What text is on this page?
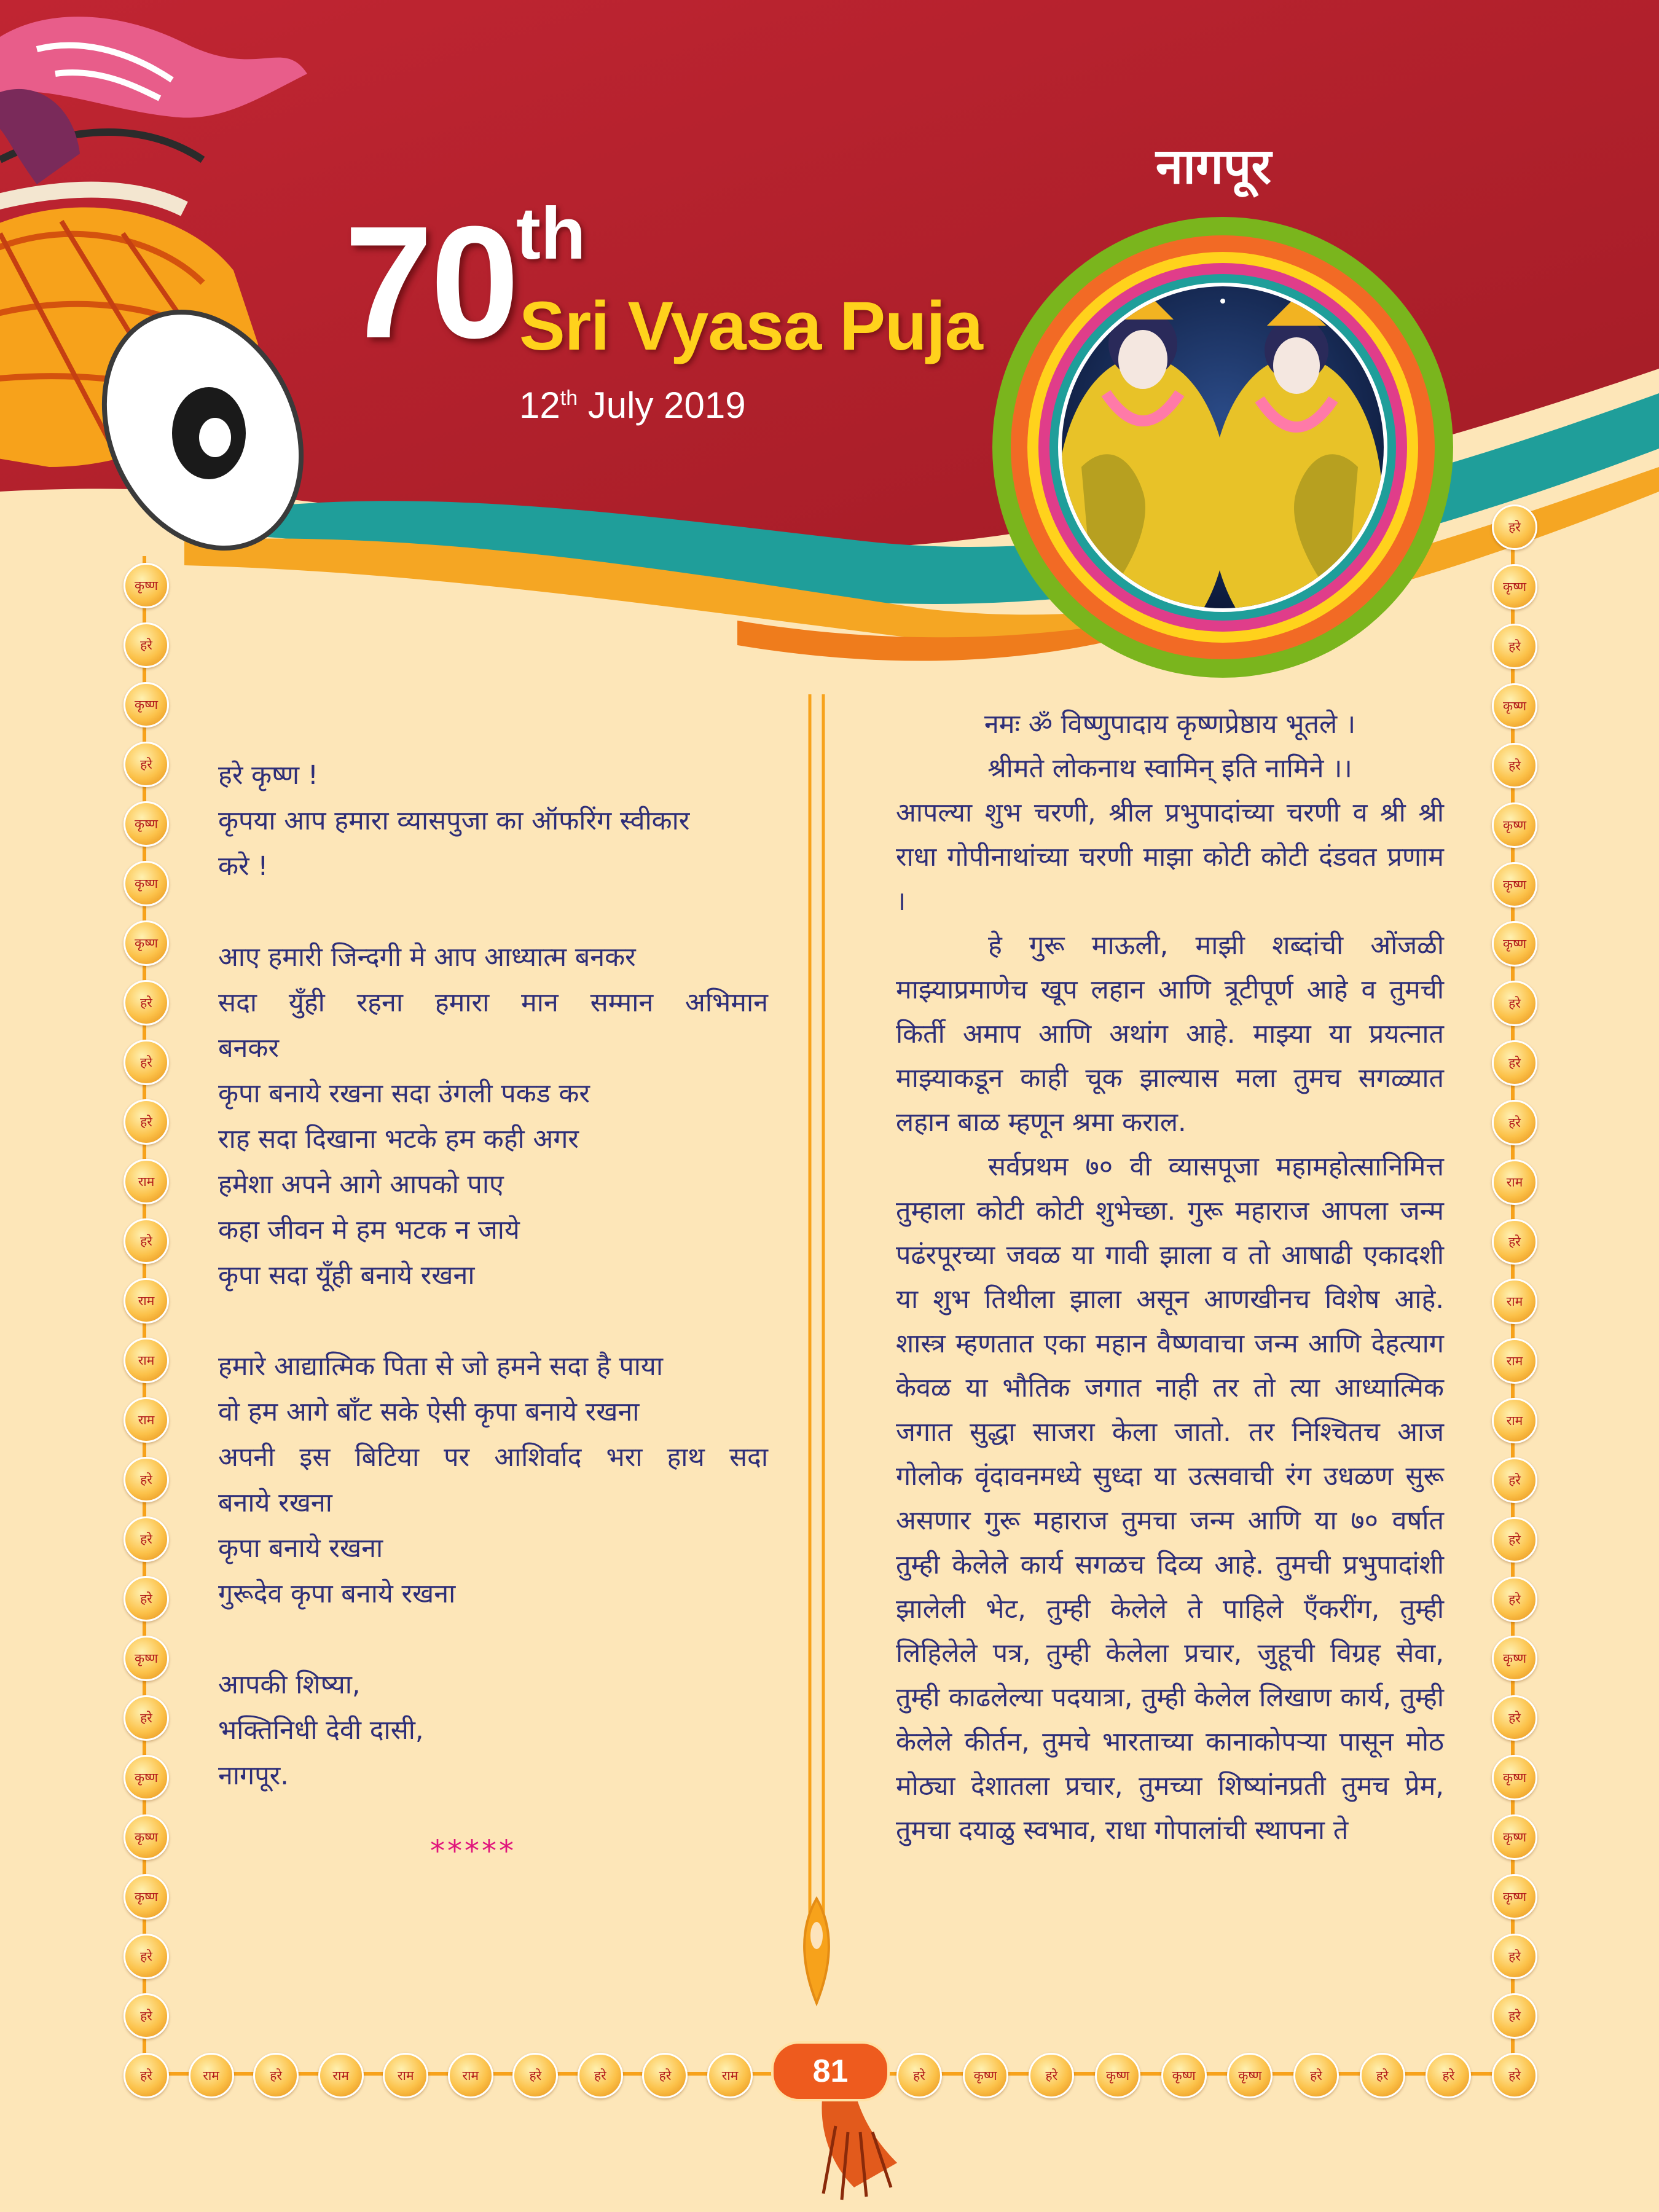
70
th
Sri Vyasa Puja
12th July 2019
नागपूर
हरे कृष्ण !
कृपया आप हमारा व्यासपुजा का ऑफरिंग स्वीकार
करे !
आए हमारी जिन्दगी मे आप आध्यात्म बनकर
सदा युँही रहना हमारा मान सम्मान अभिमान
बनकर
कृपा बनाये रखना सदा उंगली पकड कर
राह सदा दिखाना भटके हम कही अगर
हमेशा अपने आगे आपको पाए
कहा जीवन मे हम भटक न जाये
कृपा सदा यूँही बनाये रखना
हमारे आद्यात्मिक पिता से जो हमने सदा है पाया
वो हम आगे बाँट सके ऐसी कृपा बनाये रखना
अपनी इस बिटिया पर आशिर्वाद भरा हाथ सदा
बनाये रखना
कृपा बनाये रखना
गुरूदेव कृपा बनाये रखना
आपकी शिष्या,
भक्तिनिधी देवी दासी,
नागपूर.
*****

नमः ॐ विष्णुपादाय कृष्णप्रेष्ठाय भूतले ।

श्रीमते लोकनाथ स्वामिन् इति नामिने ।।

आपल्या शुभ चरणी, श्रील प्रभुपादांच्या चरणी व श्री श्री राधा गोपीनाथांच्या चरणी माझा कोटी कोटी दंडवत प्रणाम ।

हे गुरू माऊली, माझी शब्दांची ओंजळी माझ्याप्रमाणेच खूप लहान आणि त्रूटीपूर्ण आहे व तुमची किर्ती अमाप आणि अथांग आहे. माझ्या या प्रयत्नात माझ्याकडून काही चूक झाल्यास मला तुमच सगळ्यात लहान बाळ म्हणून श्रमा कराल.

सर्वप्रथम ७० वी व्यासपूजा महामहोत्सानिमित्त तुम्हाला कोटी कोटी शुभेच्छा. गुरू महाराज आपला जन्म पढंरपूरच्या जवळ या गावी झाला व तो आषाढी एकादशी या शुभ तिथीला झाला असून आणखीनच विशेष आहे. शास्त्र म्हणतात एका महान वैष्णवाचा जन्म आणि देहत्याग केवळ या भौतिक जगात नाही तर तो त्या आध्यात्मिक जगात सुद्धा साजरा केला जातो. तर निश्चितच आज गोलोक वृंदावनमध्ये सुध्दा या उत्सवाची रंग उधळण सुरू असणार गुरू महाराज तुमचा जन्म आणि या ७० वर्षात तुम्ही केलेले कार्य सगळच दिव्य आहे. तुमची प्रभुपादांशी झालेली भेट, तुम्ही केलेले ते पाहिले एँकरींग, तुम्ही लिहिलेले पत्र, तुम्ही केलेला प्रचार, जुहूची विग्रह सेवा, तुम्ही काढलेल्या पदयात्रा, तुम्ही केलेल लिखाण कार्य, तुम्ही केलेले कीर्तन, तुमचे भारताच्या कानाकोपऱ्या पासून मोठ मोठ्या देशातला प्रचार, तुमच्या शिष्यांनप्रती तुमच प्रेम, तुमचा दयाळु स्वभाव, राधा गोपालांची स्थापना ते

कृष्ण
हरे
कृष्ण
हरे
कृष्ण
कृष्ण
कृष्ण
हरे
हरे
हरे
राम
हरे
राम
राम
राम
हरे
हरे
हरे
कृष्ण
हरे
कृष्ण
कृष्ण
कृष्ण
हरे
हरे
हरे
कृष्ण
हरे
कृष्ण
हरे
कृष्ण
कृष्ण
कृष्ण
हरे
हरे
हरे
राम
हरे
राम
राम
राम
हरे
हरे
हरे
कृष्ण
हरे
कृष्ण
कृष्ण
कृष्ण
हरे
हरे
हरे	राम	हरे	राम	राम	राम	हरे	हरे	हरे	राम	हरे	कृष्ण	हरे	कृष्ण	कृष्ण	कृष्ण	हरे	हरे	हरे	हरे
81
